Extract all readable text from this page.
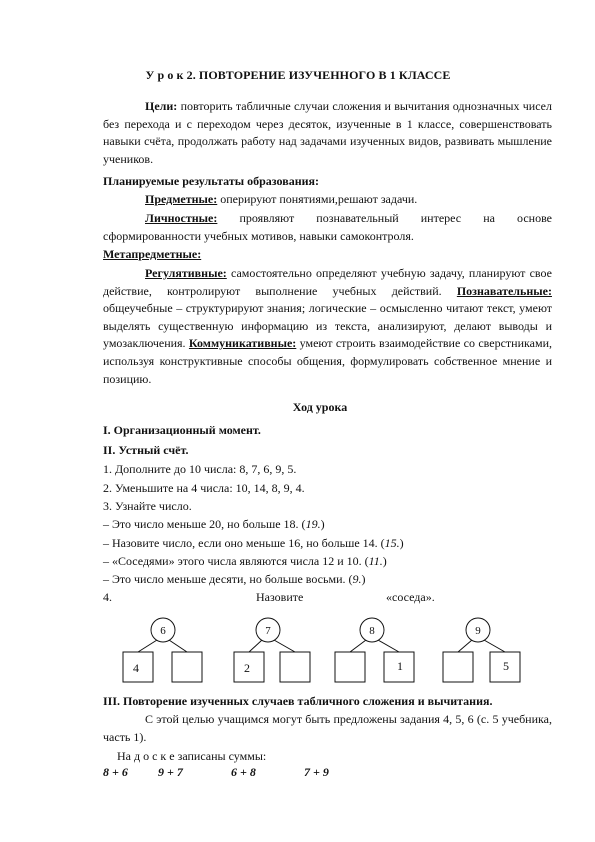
У р о к 2. ПОВТОРЕНИЕ ИЗУЧЕННОГО В 1 КЛАССЕ
Цели: повторить табличные случаи сложения и вычитания однозначных чисел без перехода и с переходом через десяток, изученные в 1 классе, совершенствовать навыки счёта, продолжать работу над задачами изученных видов, развивать мышление учеников.
Планируемые результаты образования:
Предметные: оперируют понятиями,решают задачи.
Личностные: проявляют познавательный интерес на основе сформированности учебных мотивов, навыки самоконтроля.
Метапредметные:
Регулятивные: самостоятельно определяют учебную задачу, планируют свое действие, контролируют выполнение учебных действий. Познавательные: общеучебные – структурируют знания; логические – осмысленно читают текст, умеют выделять существенную информацию из текста, анализируют, делают выводы и умозаключения. Коммуникативные: умеют строить взаимодействие со сверстниками, используя конструктивные способы общения, формулировать собственное мнение и позицию.
Ход урока
I. Организационный момент.
II. Устный счёт.
1. Дополните до 10 числа: 8, 7, 6, 9, 5.
2. Уменьшите на 4 числа: 10, 14, 8, 9, 4.
3. Узнайте число.
– Это число меньше 20, но больше 18. (19.)
– Назовите число, если оно меньше 16, но больше 14. (15.)
– «Соседями» этого числа являются числа 12 и 10. (11.)
– Это число меньше десяти, но больше восьми. (9.)
4.	Назовите	«соседа».
6
4
7
2
8
1
9
5
III. Повторение изученных случаев табличного сложения и вычитания.
С этой целью учащимся могут быть предложены задания 4, 5, 6 (с. 5 учебника, часть 1).
На д о с к е записаны суммы:
8 + 6	9 + 7	6 + 8	7 + 9
